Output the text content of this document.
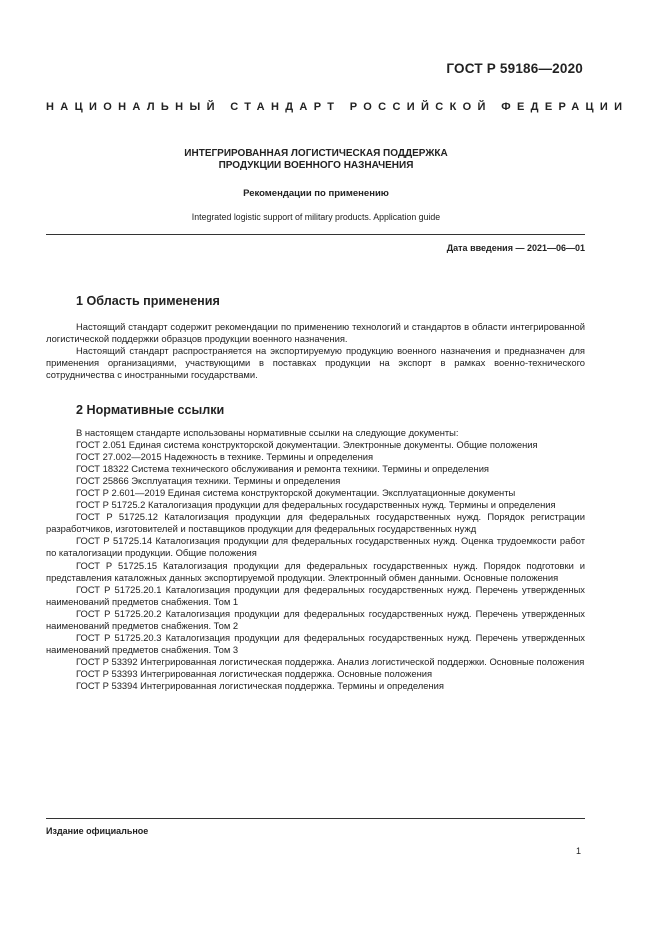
ГОСТ Р 59186—2020
НАЦИОНАЛЬНЫЙ СТАНДАРТ РОССИЙСКОЙ ФЕДЕРАЦИИ
ИНТЕГРИРОВАННАЯ ЛОГИСТИЧЕСКАЯ ПОДДЕРЖКА
ПРОДУКЦИИ ВОЕННОГО НАЗНАЧЕНИЯ
Рекомендации по применению
Integrated logistic support of military products. Application guide
Дата введения — 2021—06—01
1 Область применения

Настоящий стандарт содержит рекомендации по применению технологий и стандартов в области интегрированной логистической поддержки образцов продукции военного назначения.

Настоящий стандарт распространяется на экспортируемую продукцию военного назначения и предназначен для применения организациями, участвующими в поставках продукции на экспорт в рамках военно-технического сотрудничества с иностранными государствами.

2 Нормативные ссылки

В настоящем стандарте использованы нормативные ссылки на следующие документы:

ГОСТ 2.051 Единая система конструкторской документации. Электронные документы. Общие положения

ГОСТ 27.002—2015 Надежность в технике. Термины и определения

ГОСТ 18322 Система технического обслуживания и ремонта техники. Термины и определения

ГОСТ 25866 Эксплуатация техники. Термины и определения

ГОСТ Р 2.601—2019 Единая система конструкторской документации. Эксплуатационные документы

ГОСТ Р 51725.2 Каталогизация продукции для федеральных государственных нужд. Термины и определения

ГОСТ Р 51725.12 Каталогизация продукции для федеральных государственных нужд. Порядок регистрации разработчиков, изготовителей и поставщиков продукции для федеральных государственных нужд

ГОСТ Р 51725.14 Каталогизация продукции для федеральных государственных нужд. Оценка трудоемкости работ по каталогизации продукции. Общие положения

ГОСТ Р 51725.15 Каталогизация продукции для федеральных государственных нужд. Порядок подготовки и представления каталожных данных экспортируемой продукции. Электронный обмен данными. Основные положения

ГОСТ Р 51725.20.1 Каталогизация продукции для федеральных государственных нужд. Перечень утвержденных наименований предметов снабжения. Том 1

ГОСТ Р 51725.20.2 Каталогизация продукции для федеральных государственных нужд. Перечень утвержденных наименований предметов снабжения. Том 2

ГОСТ Р 51725.20.3 Каталогизация продукции для федеральных государственных нужд. Перечень утвержденных наименований предметов снабжения. Том 3

ГОСТ Р 53392 Интегрированная логистическая поддержка. Анализ логистической поддержки. Основные положения

ГОСТ Р 53393 Интегрированная логистическая поддержка. Основные положения

ГОСТ Р 53394 Интегрированная логистическая поддержка. Термины и определения

Издание официальное
1
